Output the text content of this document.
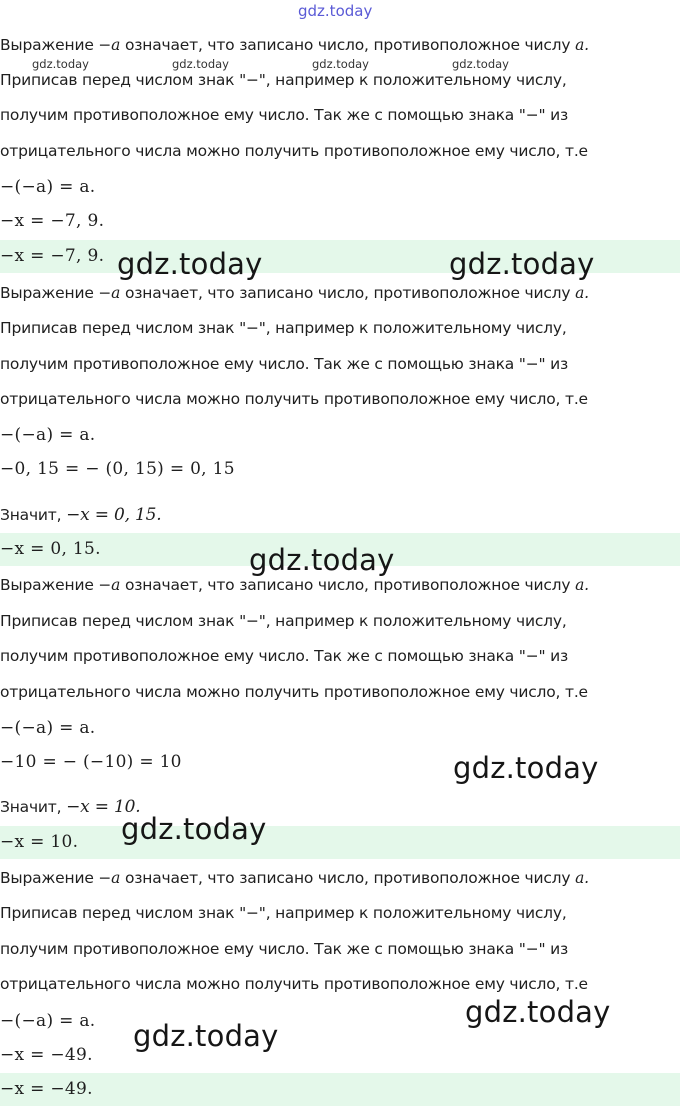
gdz.today

Выражение −a означает, что записано число, противоположное числу a.

gdz.today	gdz.today	gdz.today	gdz.today

Приписав перед числом знак "−", например к положительному числу,

получим противоположное ему число. Так же с помощью знака "−" из

отрицательного числа можно получить противоположное ему число, т.е

−(−a) = a.

−x = −7, 9.

−x = −7, 9. gdz.today	gdz.today

Выражение −a означает, что записано число, противоположное числу a.

Приписав перед числом знак "−", например к положительному числу,

получим противоположное ему число. Так же с помощью знака "−" из

отрицательного числа можно получить противоположное ему число, т.е

−(−a) = a.

−0, 15 = − (0, 15) = 0, 15

Значит, −x = 0, 15.

−x = 0, 15.	gdz.today

Выражение −a означает, что записано число, противоположное числу a.

Приписав перед числом знак "−", например к положительному числу,

получим противоположное ему число. Так же с помощью знака "−" из

отрицательного числа можно получить противоположное ему число, т.е

−(−a) = a.

−10 = − (−10) = 10	gdz.today

Значит, −x = 10.

−x = 10.	gdz.today

Выражение −a означает, что записано число, противоположное числу a.

Приписав перед числом знак "−", например к положительному числу,

получим противоположное ему число. Так же с помощью знака "−" из

отрицательного числа можно получить противоположное ему число, т.е

gdz.today

−(−a) = a.	gdz.today

−x = −49.

−x = −49.
